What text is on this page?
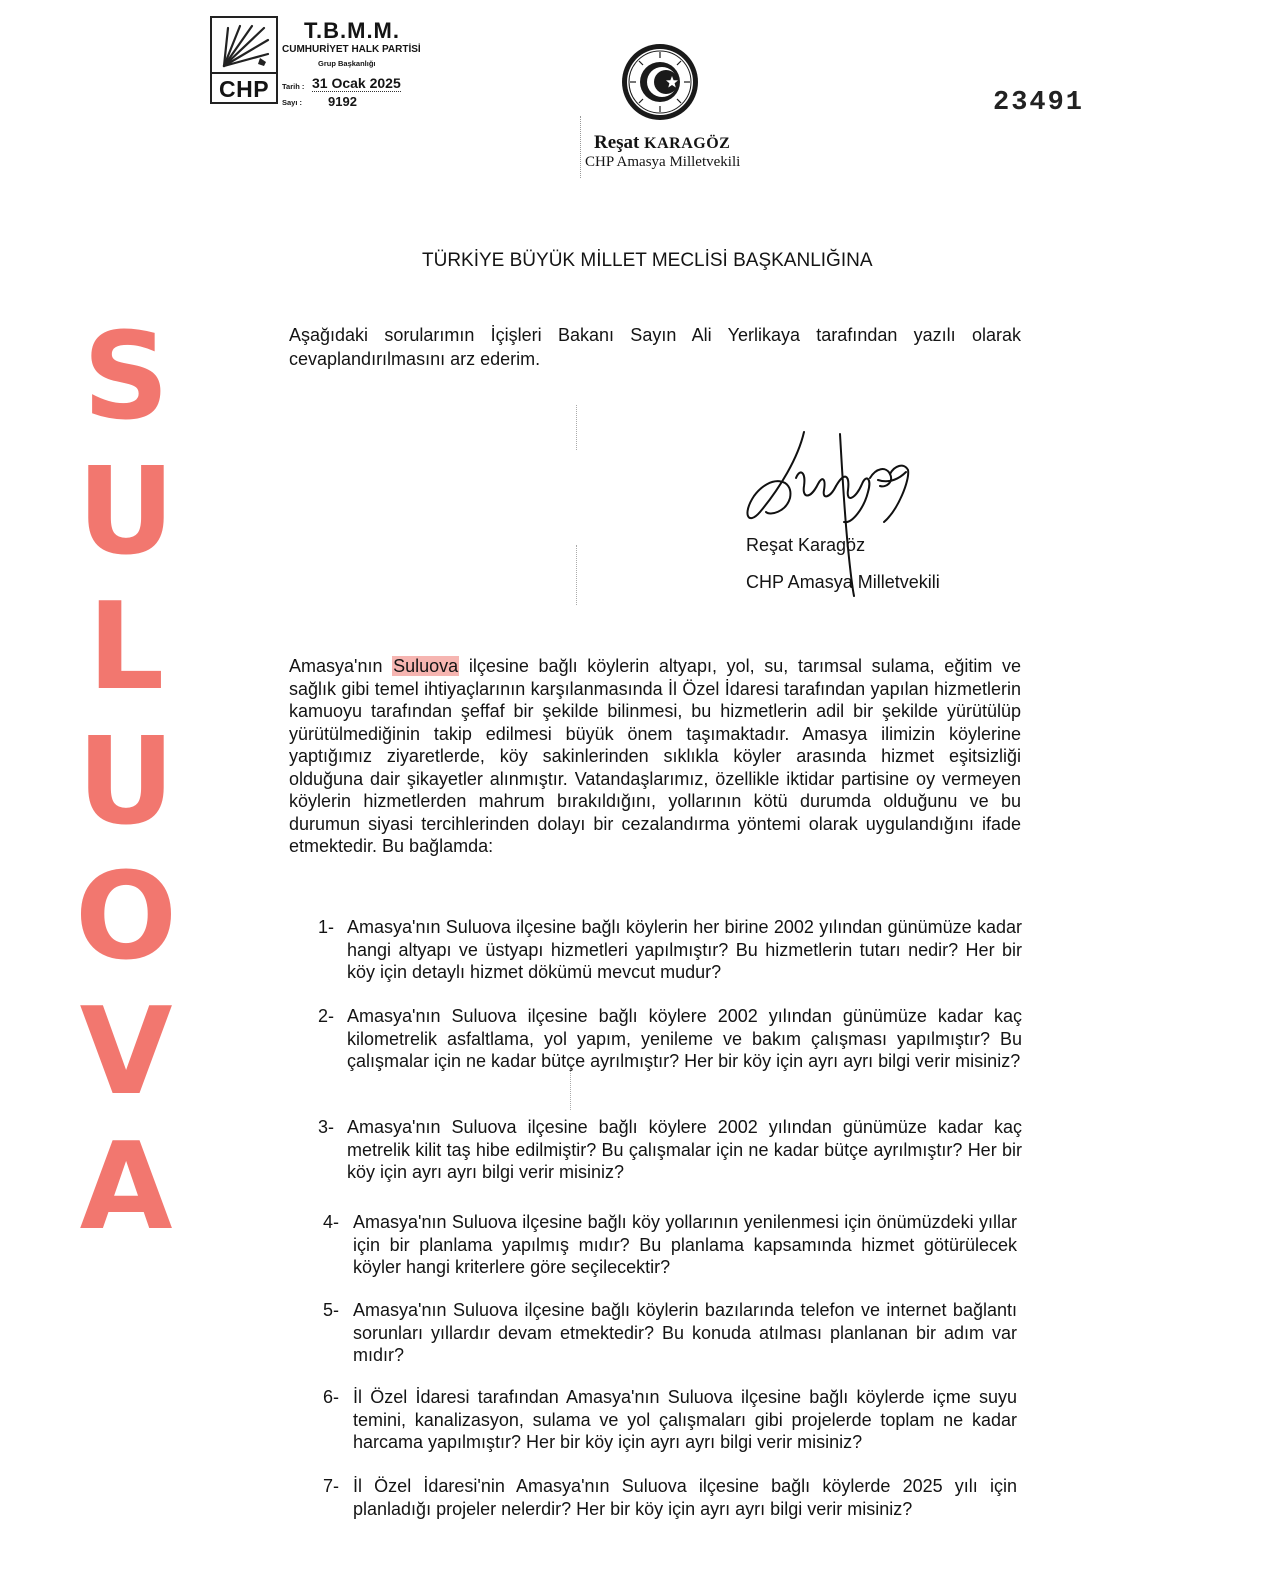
CHP
T.B.M.M.
CUMHURİYET HALK PARTİSİ
Grup Başkanlığı
Tarih : 31 Ocak 2025
Sayı : 9192
Reşat KARAGÖZ
CHP Amasya Milletvekili
23491
S
U
L
U
O
V
A
TÜRKİYE BÜYÜK MİLLET MECLİSİ BAŞKANLIĞINA
Aşağıdaki sorularımın İçişleri Bakanı Sayın Ali Yerlikaya tarafından yazılı olarak cevaplandırılmasını arz ederim.
Reşat Karagöz
CHP Amasya Milletvekili
Amasya'nın Suluova ilçesine bağlı köylerin altyapı, yol, su, tarımsal sulama, eğitim ve sağlık gibi temel ihtiyaçlarının karşılanmasında İl Özel İdaresi tarafından yapılan hizmetlerin kamuoyu tarafından şeffaf bir şekilde bilinmesi, bu hizmetlerin adil bir şekilde yürütülüp yürütülmediğinin takip edilmesi büyük önem taşımaktadır. Amasya ilimizin köylerine yaptığımız ziyaretlerde, köy sakinlerinden sıklıkla köyler arasında hizmet eşitsizliği olduğuna dair şikayetler alınmıştır. Vatandaşlarımız, özellikle iktidar partisine oy vermeyen köylerin hizmetlerden mahrum bırakıldığını, yollarının kötü durumda olduğunu ve bu durumun siyasi tercihlerinden dolayı bir cezalandırma yöntemi olarak uygulandığını ifade etmektedir. Bu bağlamda:
1- Amasya'nın Suluova ilçesine bağlı köylerin her birine 2002 yılından günümüze kadar hangi altyapı ve üstyapı hizmetleri yapılmıştır? Bu hizmetlerin tutarı nedir? Her bir köy için detaylı hizmet dökümü mevcut mudur?
2- Amasya'nın Suluova ilçesine bağlı köylere 2002 yılından günümüze kadar kaç kilometrelik asfaltlama, yol yapım, yenileme ve bakım çalışması yapılmıştır? Bu çalışmalar için ne kadar bütçe ayrılmıştır? Her bir köy için ayrı ayrı bilgi verir misiniz?
3- Amasya'nın Suluova ilçesine bağlı köylere 2002 yılından günümüze kadar kaç metrelik kilit taş hibe edilmiştir? Bu çalışmalar için ne kadar bütçe ayrılmıştır? Her bir köy için ayrı ayrı bilgi verir misiniz?
4- Amasya'nın Suluova ilçesine bağlı köy yollarının yenilenmesi için önümüzdeki yıllar için bir planlama yapılmış mıdır? Bu planlama kapsamında hizmet götürülecek köyler hangi kriterlere göre seçilecektir?
5- Amasya'nın Suluova ilçesine bağlı köylerin bazılarında telefon ve internet bağlantı sorunları yıllardır devam etmektedir? Bu konuda atılması planlanan bir adım var mıdır?
6- İl Özel İdaresi tarafından Amasya'nın Suluova ilçesine bağlı köylerde içme suyu temini, kanalizasyon, sulama ve yol çalışmaları gibi projelerde toplam ne kadar harcama yapılmıştır? Her bir köy için ayrı ayrı bilgi verir misiniz?
7- İl Özel İdaresi'nin Amasya'nın Suluova ilçesine bağlı köylerde 2025 yılı için planladığı projeler nelerdir? Her bir köy için ayrı ayrı bilgi verir misiniz?
